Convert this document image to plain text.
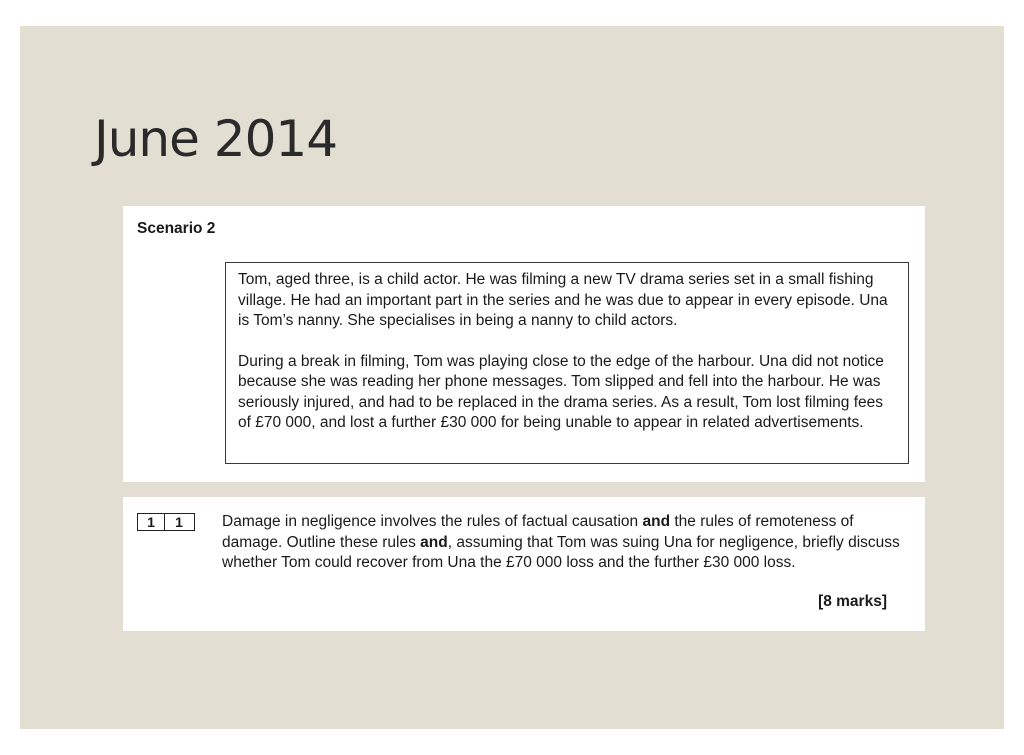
June 2014
Scenario 2

Tom, aged three, is a child actor. He was filming a new TV drama series set in a small fishing village. He had an important part in the series and he was due to appear in every episode. Una is Tom’s nanny. She specialises in being a nanny to child actors.

During a break in filming, Tom was playing close to the edge of the harbour. Una did not notice because she was reading her phone messages. Tom slipped and fell into the harbour. He was seriously injured, and had to be replaced in the drama series. As a result, Tom lost filming fees of £70 000, and lost a further £30 000 for being unable to appear in related advertisements.

1	1	Damage in negligence involves the rules of factual causation and the rules of remoteness of damage. Outline these rules and, assuming that Tom was suing Una for negligence, briefly discuss whether Tom could recover from Una the £70 000 loss and the further £30 000 loss.

[8 marks]
